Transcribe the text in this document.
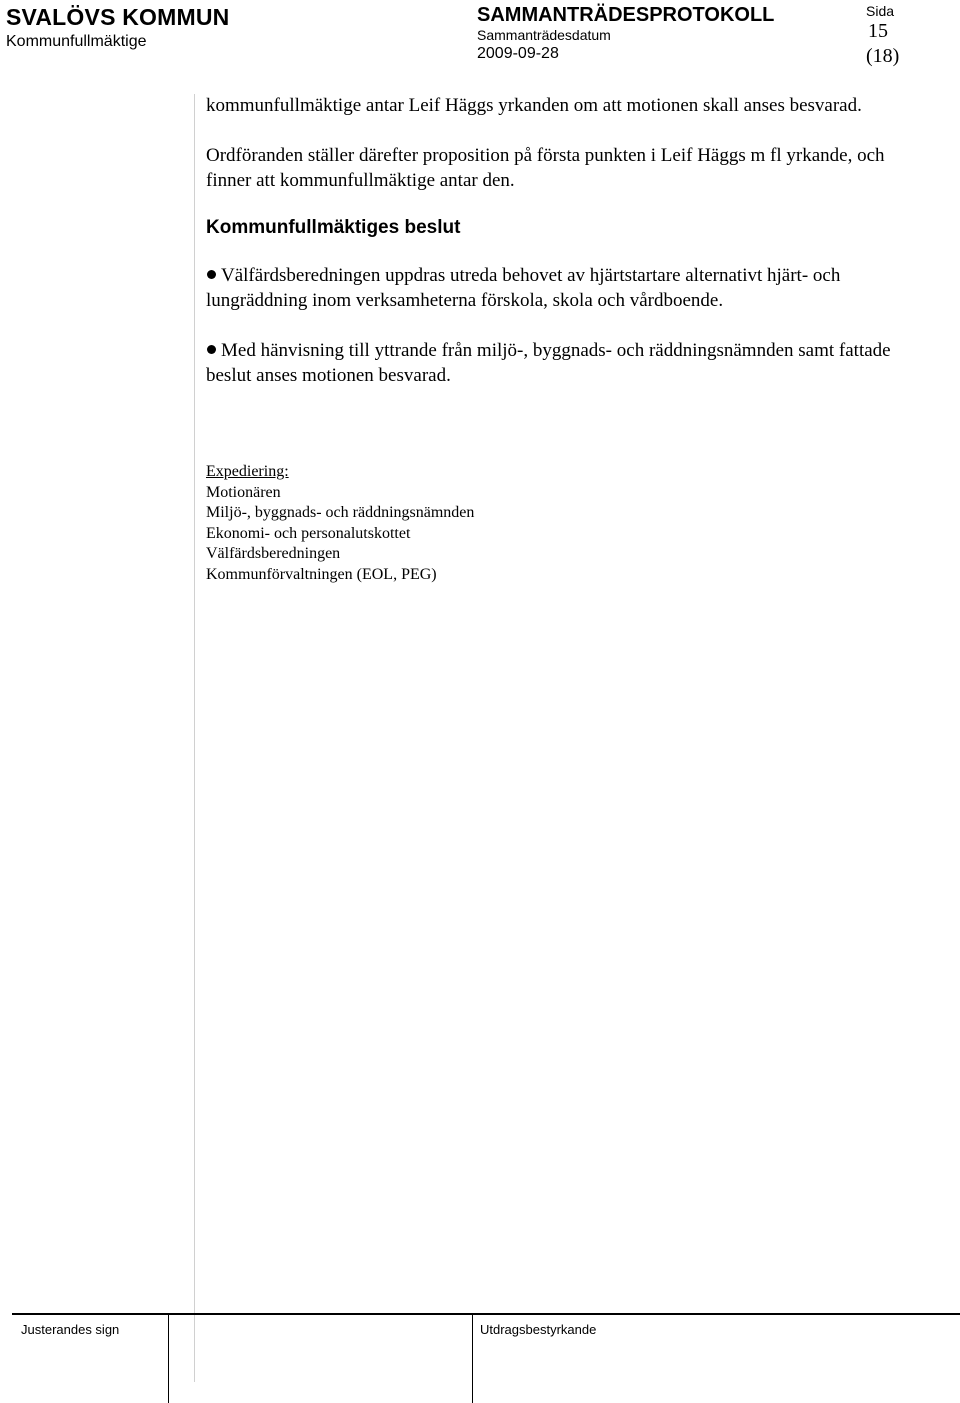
SVALÖVS KOMMUN
Kommunfullmäktige
SAMMANTRÄDESPROTOKOLL
Sammanträdesdatum
2009-09-28
Sida
15
(18)

kommunfullmäktige antar Leif Häggs yrkanden om att motionen skall anses besvarad.

Ordföranden ställer därefter proposition på första punkten i Leif Häggs m fl yrkande, och finner att kommunfullmäktige antar den.

Kommunfullmäktiges beslut

Välfärdsberedningen uppdras utreda behovet av hjärtstartare alternativt hjärt- och lungräddning inom verksamheterna förskola, skola och vårdboende.

Med hänvisning till yttrande från miljö-, byggnads- och räddningsnämnden samt fattade beslut anses motionen besvarad.

Expediering:
Motionären
Miljö-, byggnads- och räddningsnämnden
Ekonomi- och personalutskottet
Välfärdsberedningen
Kommunförvaltningen (EOL, PEG)
Justerandes sign	Utdragsbestyrkande
